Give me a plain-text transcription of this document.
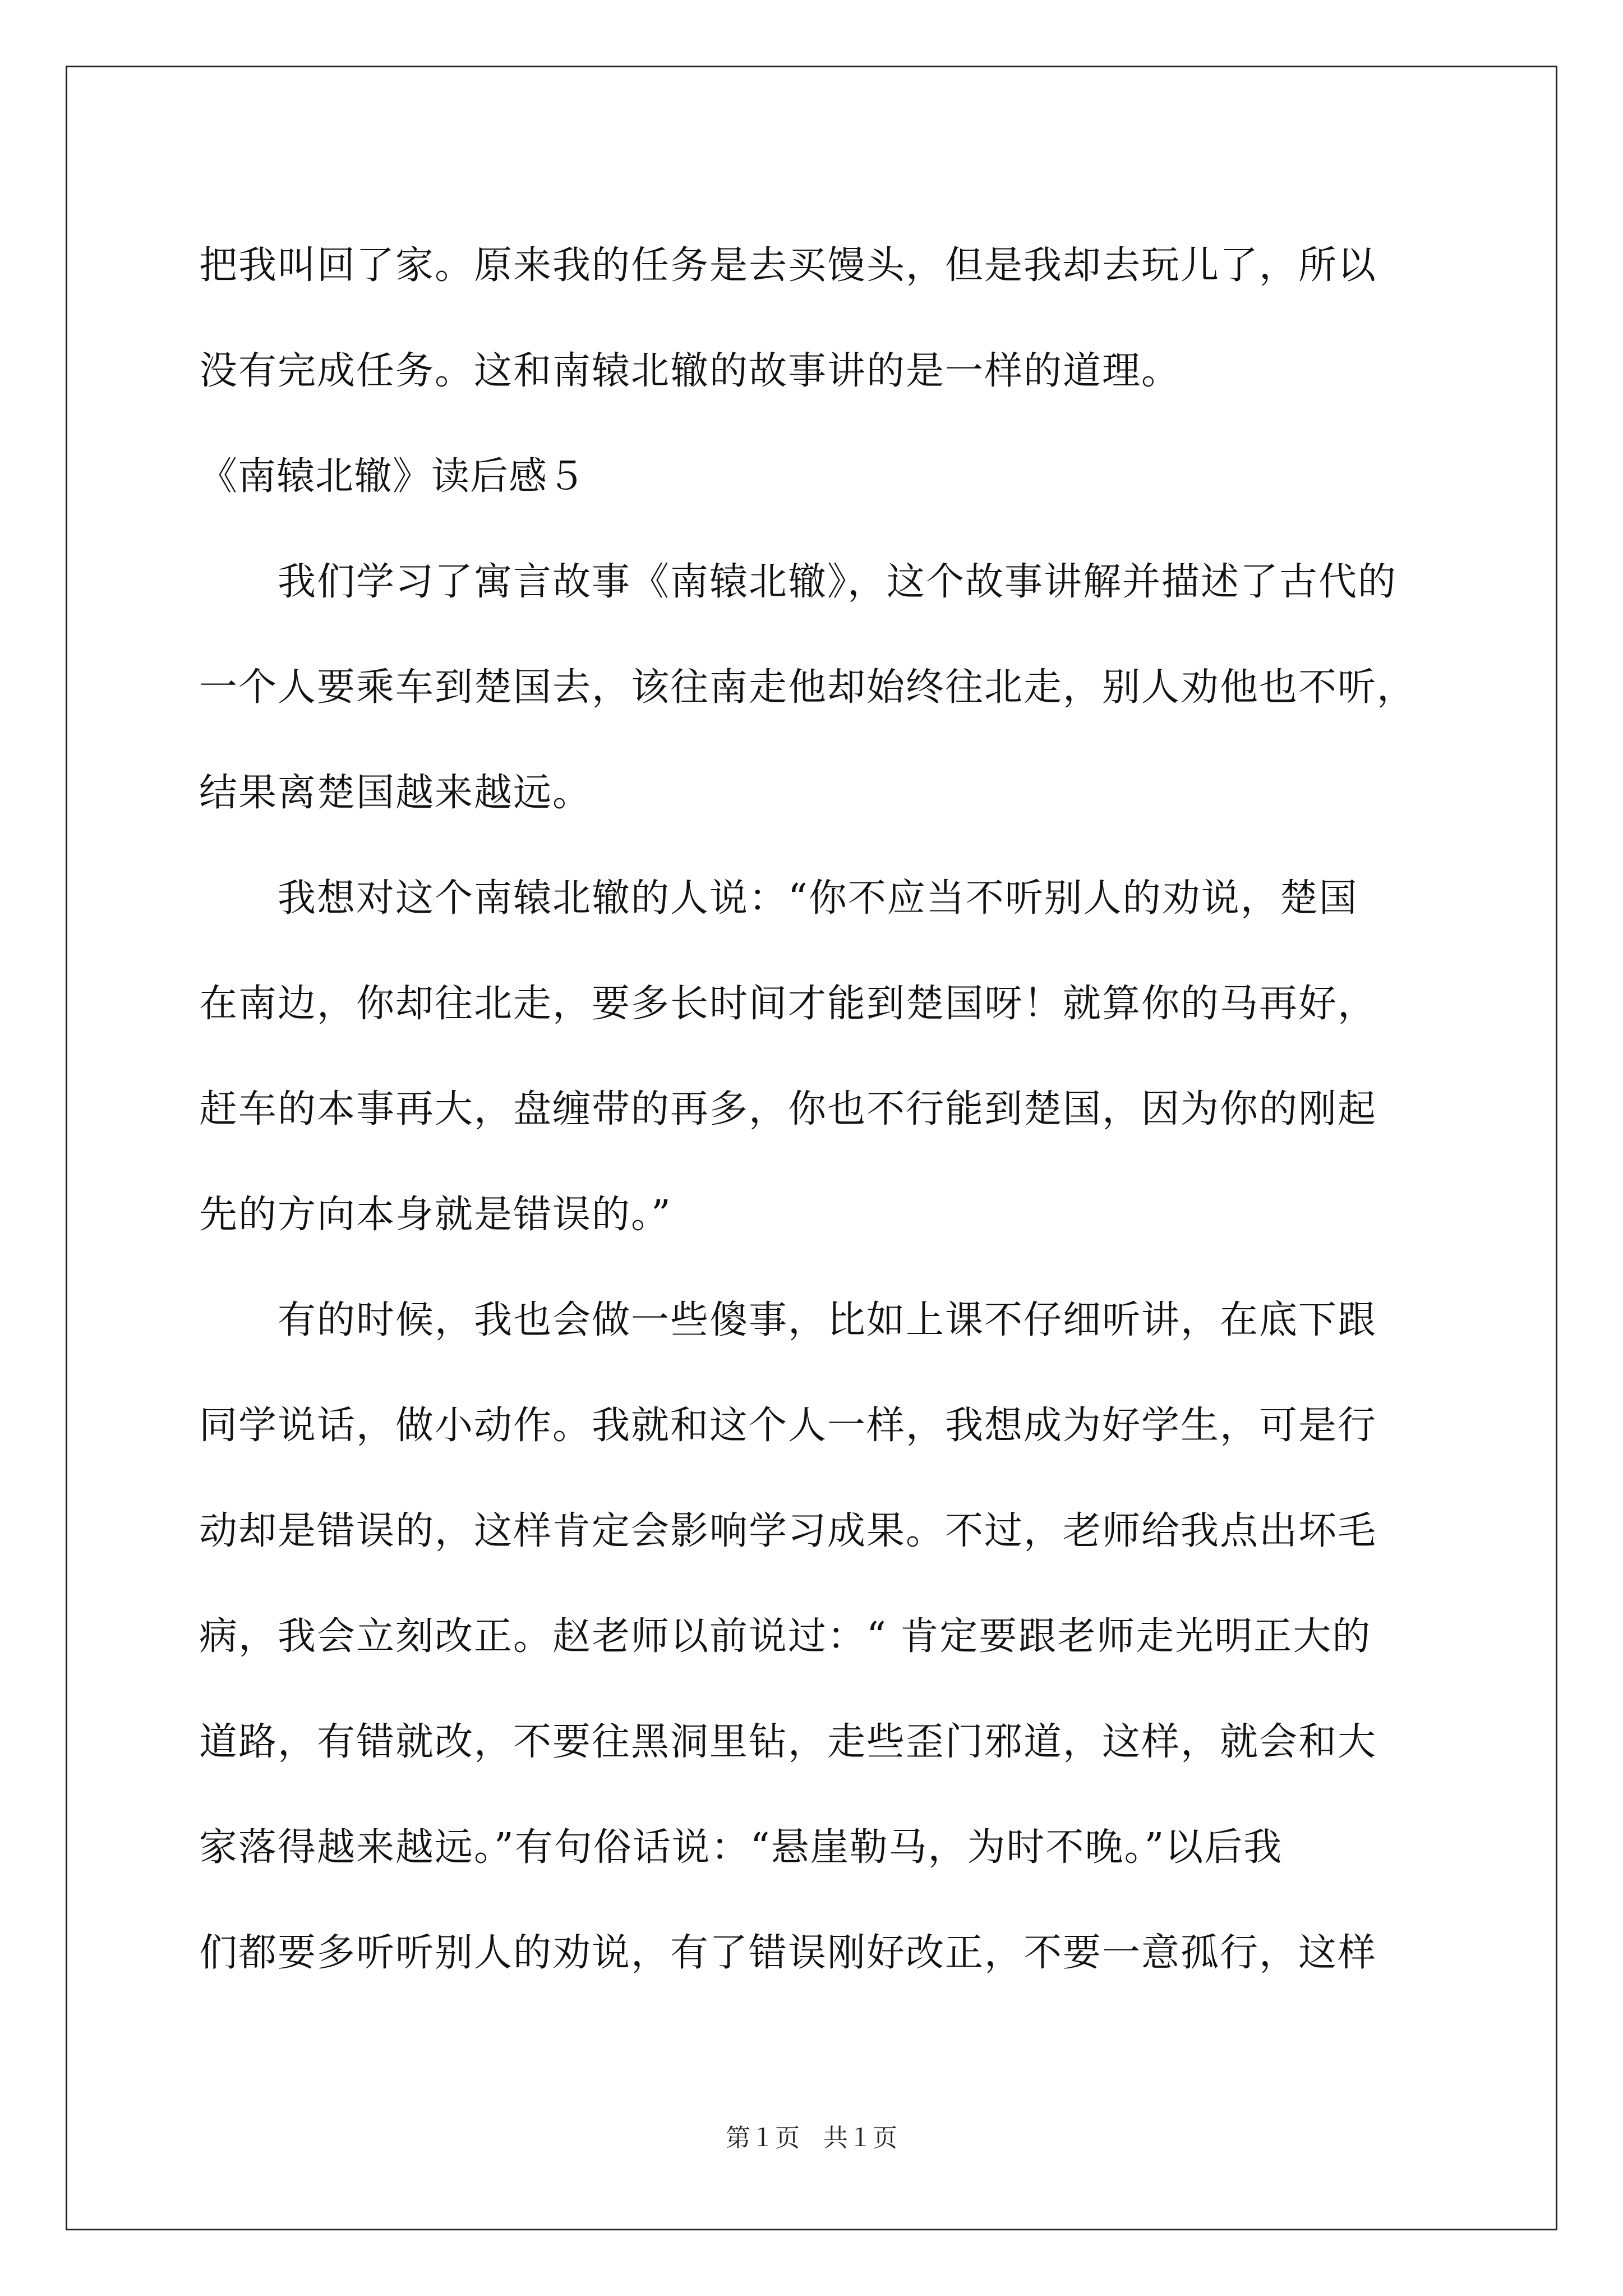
把我叫回了家。原来我的任务是去买馒头，但是我却去玩儿了，所以
没有完成任务。这和南辕北辙的故事讲的是一样的道理。
《南辕北辙》读后感５
我们学习了寓言故事《南辕北辙》，这个故事讲解并描述了古代的
一个人要乘车到楚国去，该往南走他却始终往北走，别人劝他也不听，
结果离楚国越来越远。
我想对这个南辕北辙的人说：“你不应当不听别人的劝说，楚国
在南边，你却往北走，要多长时间才能到楚国呀！就算你的马再好，
赶车的本事再大，盘缠带的再多，你也不行能到楚国，因为你的刚起
先的方向本身就是错误的。”
有的时候，我也会做一些傻事，比如上课不仔细听讲，在底下跟
同学说话，做小动作。我就和这个人一样，我想成为好学生，可是行
动却是错误的，这样肯定会影响学习成果。不过，老师给我点出坏毛
病，我会立刻改正。赵老师以前说过：“ 肯定要跟老师走光明正大的
道路，有错就改，不要往黑洞里钻，走些歪门邪道，这样，就会和大
家落得越来越远。”有句俗话说：“悬崖勒马，为时不晚。”以后我
们都要多听听别人的劝说，有了错误刚好改正，不要一意孤行，这样
第１页 共１页
